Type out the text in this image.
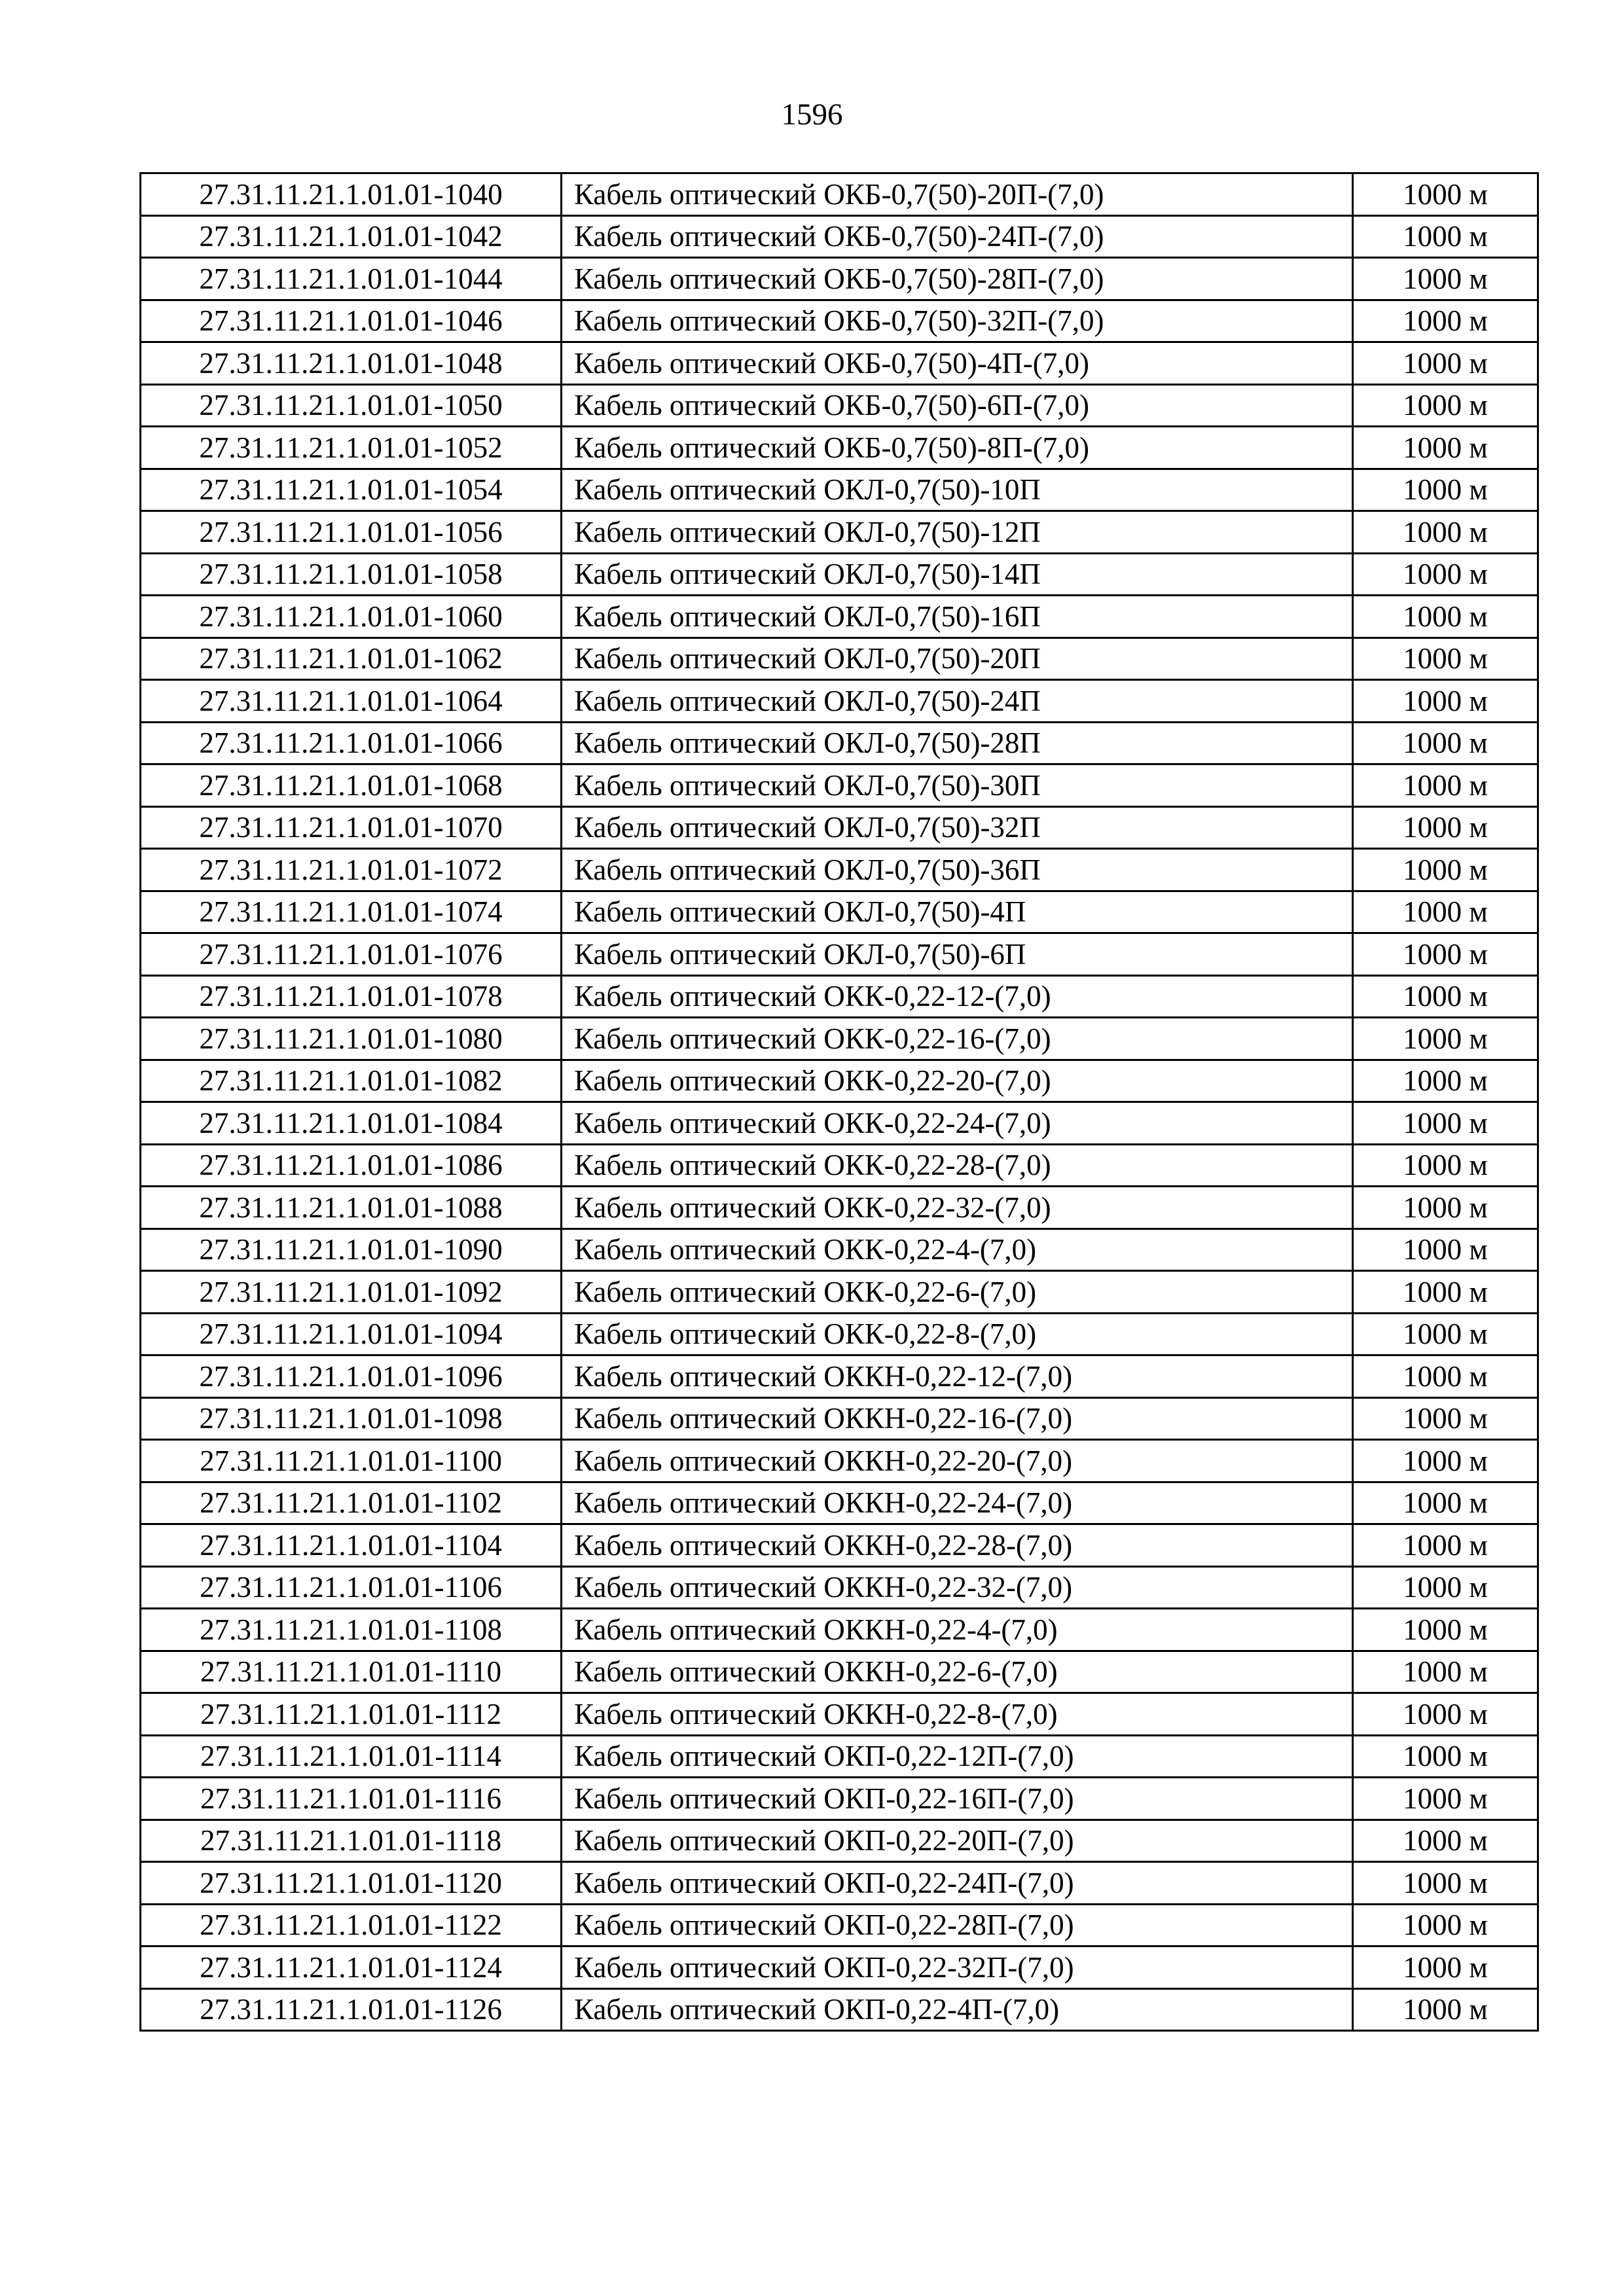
1596
27.31.11.21.1.01.01-1040	Кабель оптический ОКБ-0,7(50)-20П-(7,0)	1000 м
27.31.11.21.1.01.01-1042	Кабель оптический ОКБ-0,7(50)-24П-(7,0)	1000 м
27.31.11.21.1.01.01-1044	Кабель оптический ОКБ-0,7(50)-28П-(7,0)	1000 м
27.31.11.21.1.01.01-1046	Кабель оптический ОКБ-0,7(50)-32П-(7,0)	1000 м
27.31.11.21.1.01.01-1048	Кабель оптический ОКБ-0,7(50)-4П-(7,0)	1000 м
27.31.11.21.1.01.01-1050	Кабель оптический ОКБ-0,7(50)-6П-(7,0)	1000 м
27.31.11.21.1.01.01-1052	Кабель оптический ОКБ-0,7(50)-8П-(7,0)	1000 м
27.31.11.21.1.01.01-1054	Кабель оптический ОКЛ-0,7(50)-10П	1000 м
27.31.11.21.1.01.01-1056	Кабель оптический ОКЛ-0,7(50)-12П	1000 м
27.31.11.21.1.01.01-1058	Кабель оптический ОКЛ-0,7(50)-14П	1000 м
27.31.11.21.1.01.01-1060	Кабель оптический ОКЛ-0,7(50)-16П	1000 м
27.31.11.21.1.01.01-1062	Кабель оптический ОКЛ-0,7(50)-20П	1000 м
27.31.11.21.1.01.01-1064	Кабель оптический ОКЛ-0,7(50)-24П	1000 м
27.31.11.21.1.01.01-1066	Кабель оптический ОКЛ-0,7(50)-28П	1000 м
27.31.11.21.1.01.01-1068	Кабель оптический ОКЛ-0,7(50)-30П	1000 м
27.31.11.21.1.01.01-1070	Кабель оптический ОКЛ-0,7(50)-32П	1000 м
27.31.11.21.1.01.01-1072	Кабель оптический ОКЛ-0,7(50)-36П	1000 м
27.31.11.21.1.01.01-1074	Кабель оптический ОКЛ-0,7(50)-4П	1000 м
27.31.11.21.1.01.01-1076	Кабель оптический ОКЛ-0,7(50)-6П	1000 м
27.31.11.21.1.01.01-1078	Кабель оптический ОКК-0,22-12-(7,0)	1000 м
27.31.11.21.1.01.01-1080	Кабель оптический ОКК-0,22-16-(7,0)	1000 м
27.31.11.21.1.01.01-1082	Кабель оптический ОКК-0,22-20-(7,0)	1000 м
27.31.11.21.1.01.01-1084	Кабель оптический ОКК-0,22-24-(7,0)	1000 м
27.31.11.21.1.01.01-1086	Кабель оптический ОКК-0,22-28-(7,0)	1000 м
27.31.11.21.1.01.01-1088	Кабель оптический ОКК-0,22-32-(7,0)	1000 м
27.31.11.21.1.01.01-1090	Кабель оптический ОКК-0,22-4-(7,0)	1000 м
27.31.11.21.1.01.01-1092	Кабель оптический ОКК-0,22-6-(7,0)	1000 м
27.31.11.21.1.01.01-1094	Кабель оптический ОКК-0,22-8-(7,0)	1000 м
27.31.11.21.1.01.01-1096	Кабель оптический ОККН-0,22-12-(7,0)	1000 м
27.31.11.21.1.01.01-1098	Кабель оптический ОККН-0,22-16-(7,0)	1000 м
27.31.11.21.1.01.01-1100	Кабель оптический ОККН-0,22-20-(7,0)	1000 м
27.31.11.21.1.01.01-1102	Кабель оптический ОККН-0,22-24-(7,0)	1000 м
27.31.11.21.1.01.01-1104	Кабель оптический ОККН-0,22-28-(7,0)	1000 м
27.31.11.21.1.01.01-1106	Кабель оптический ОККН-0,22-32-(7,0)	1000 м
27.31.11.21.1.01.01-1108	Кабель оптический ОККН-0,22-4-(7,0)	1000 м
27.31.11.21.1.01.01-1110	Кабель оптический ОККН-0,22-6-(7,0)	1000 м
27.31.11.21.1.01.01-1112	Кабель оптический ОККН-0,22-8-(7,0)	1000 м
27.31.11.21.1.01.01-1114	Кабель оптический ОКП-0,22-12П-(7,0)	1000 м
27.31.11.21.1.01.01-1116	Кабель оптический ОКП-0,22-16П-(7,0)	1000 м
27.31.11.21.1.01.01-1118	Кабель оптический ОКП-0,22-20П-(7,0)	1000 м
27.31.11.21.1.01.01-1120	Кабель оптический ОКП-0,22-24П-(7,0)	1000 м
27.31.11.21.1.01.01-1122	Кабель оптический ОКП-0,22-28П-(7,0)	1000 м
27.31.11.21.1.01.01-1124	Кабель оптический ОКП-0,22-32П-(7,0)	1000 м
27.31.11.21.1.01.01-1126	Кабель оптический ОКП-0,22-4П-(7,0)	1000 м
